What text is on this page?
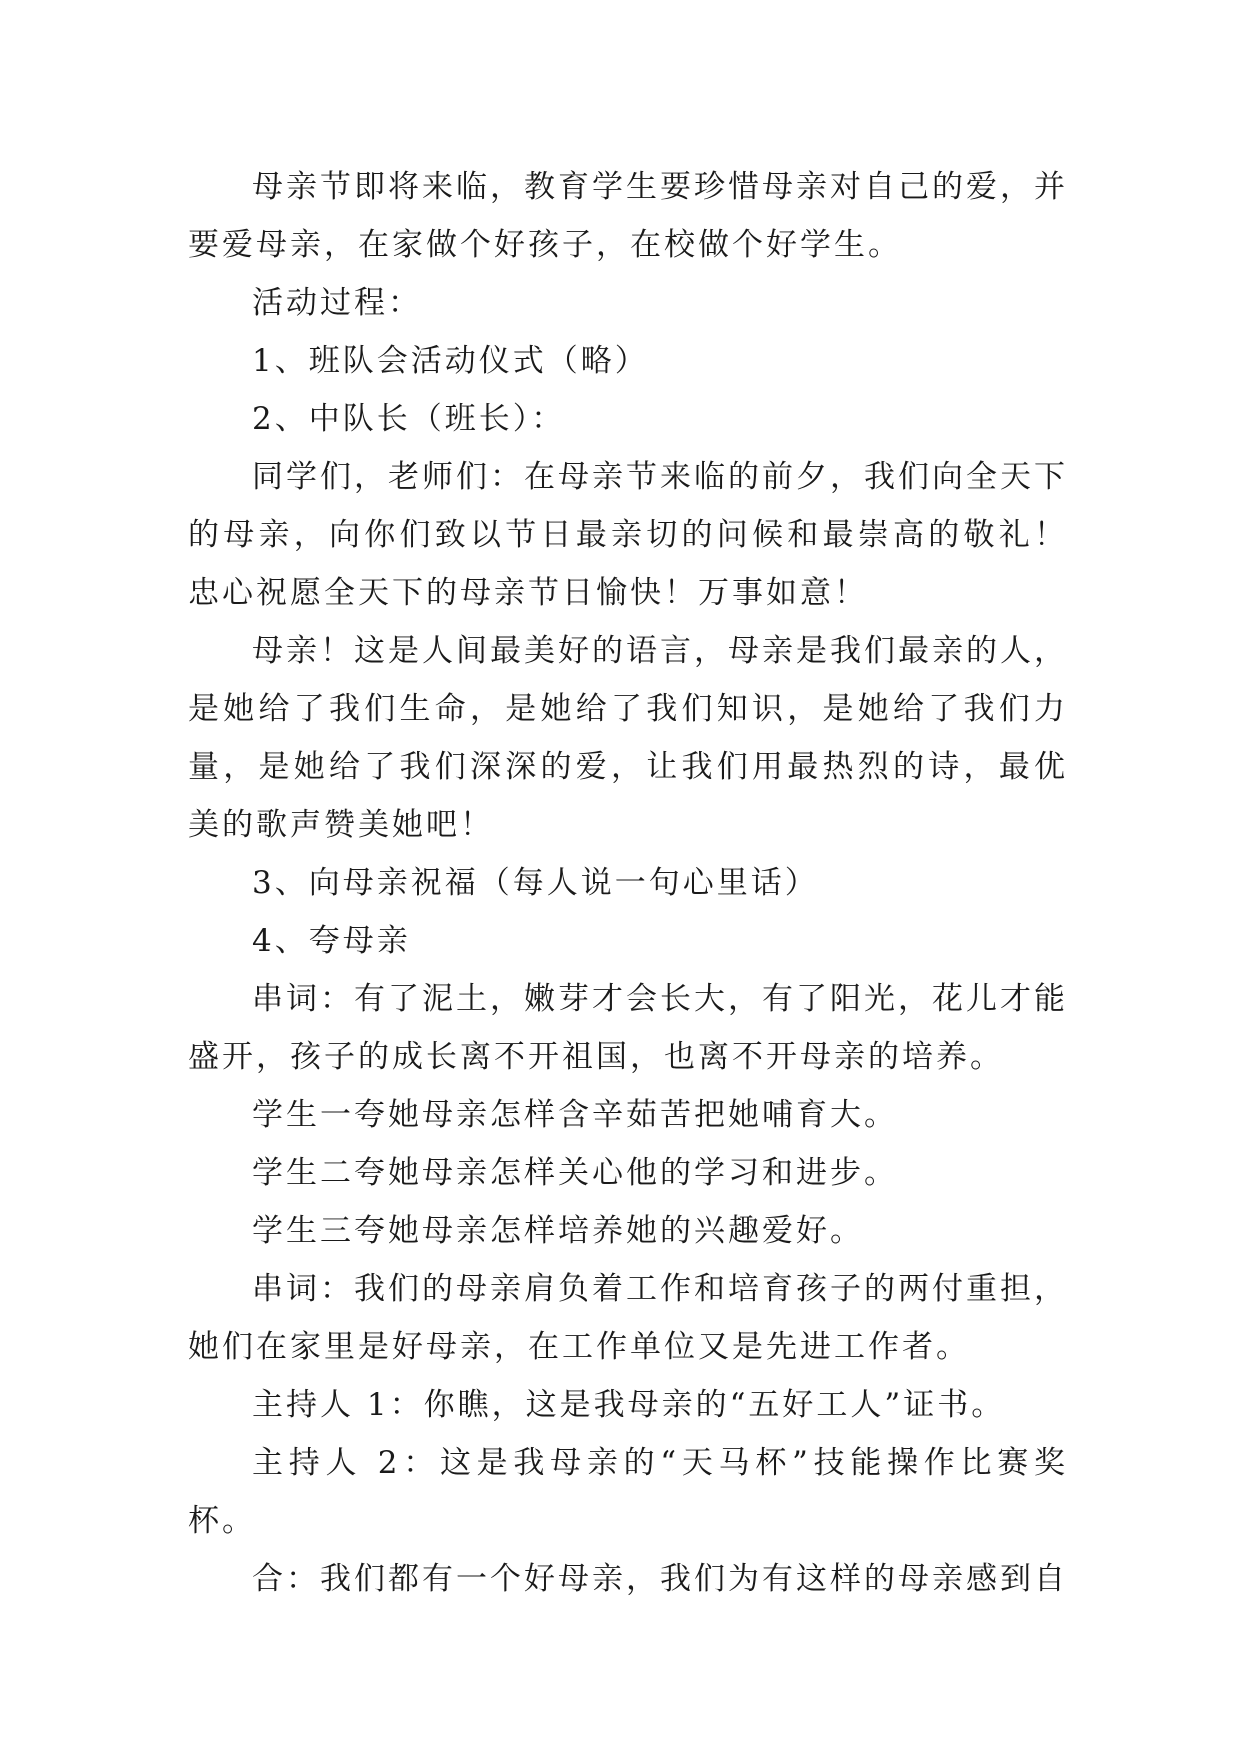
母亲节即将来临，教育学生要珍惜母亲对自己的爱，并要爱母亲，在家做个好孩子，在校做个好学生。

活动过程：

1、班队会活动仪式（略）

2、中队长（班长）：

同学们，老师们：在母亲节来临的前夕，我们向全天下的母亲，向你们致以节日最亲切的问候和最崇高的敬礼！忠心祝愿全天下的母亲节日愉快！万事如意！

母亲！这是人间最美好的语言，母亲是我们最亲的人，是她给了我们生命，是她给了我们知识，是她给了我们力量，是她给了我们深深的爱，让我们用最热烈的诗，最优美的歌声赞美她吧！

3、向母亲祝福（每人说一句心里话）

4、夸母亲

串词：有了泥土，嫩芽才会长大，有了阳光，花儿才能盛开，孩子的成长离不开祖国，也离不开母亲的培养。

学生一夸她母亲怎样含辛茹苦把她哺育大。

学生二夸她母亲怎样关心他的学习和进步。

学生三夸她母亲怎样培养她的兴趣爱好。

串词：我们的母亲肩负着工作和培育孩子的两付重担，她们在家里是好母亲，在工作单位又是先进工作者。

主持人 1：你瞧，这是我母亲的“五好工人”证书。

主持人 2：这是我母亲的“天马杯”技能操作比赛奖杯。

合：我们都有一个好母亲，我们为有这样的母亲感到自
